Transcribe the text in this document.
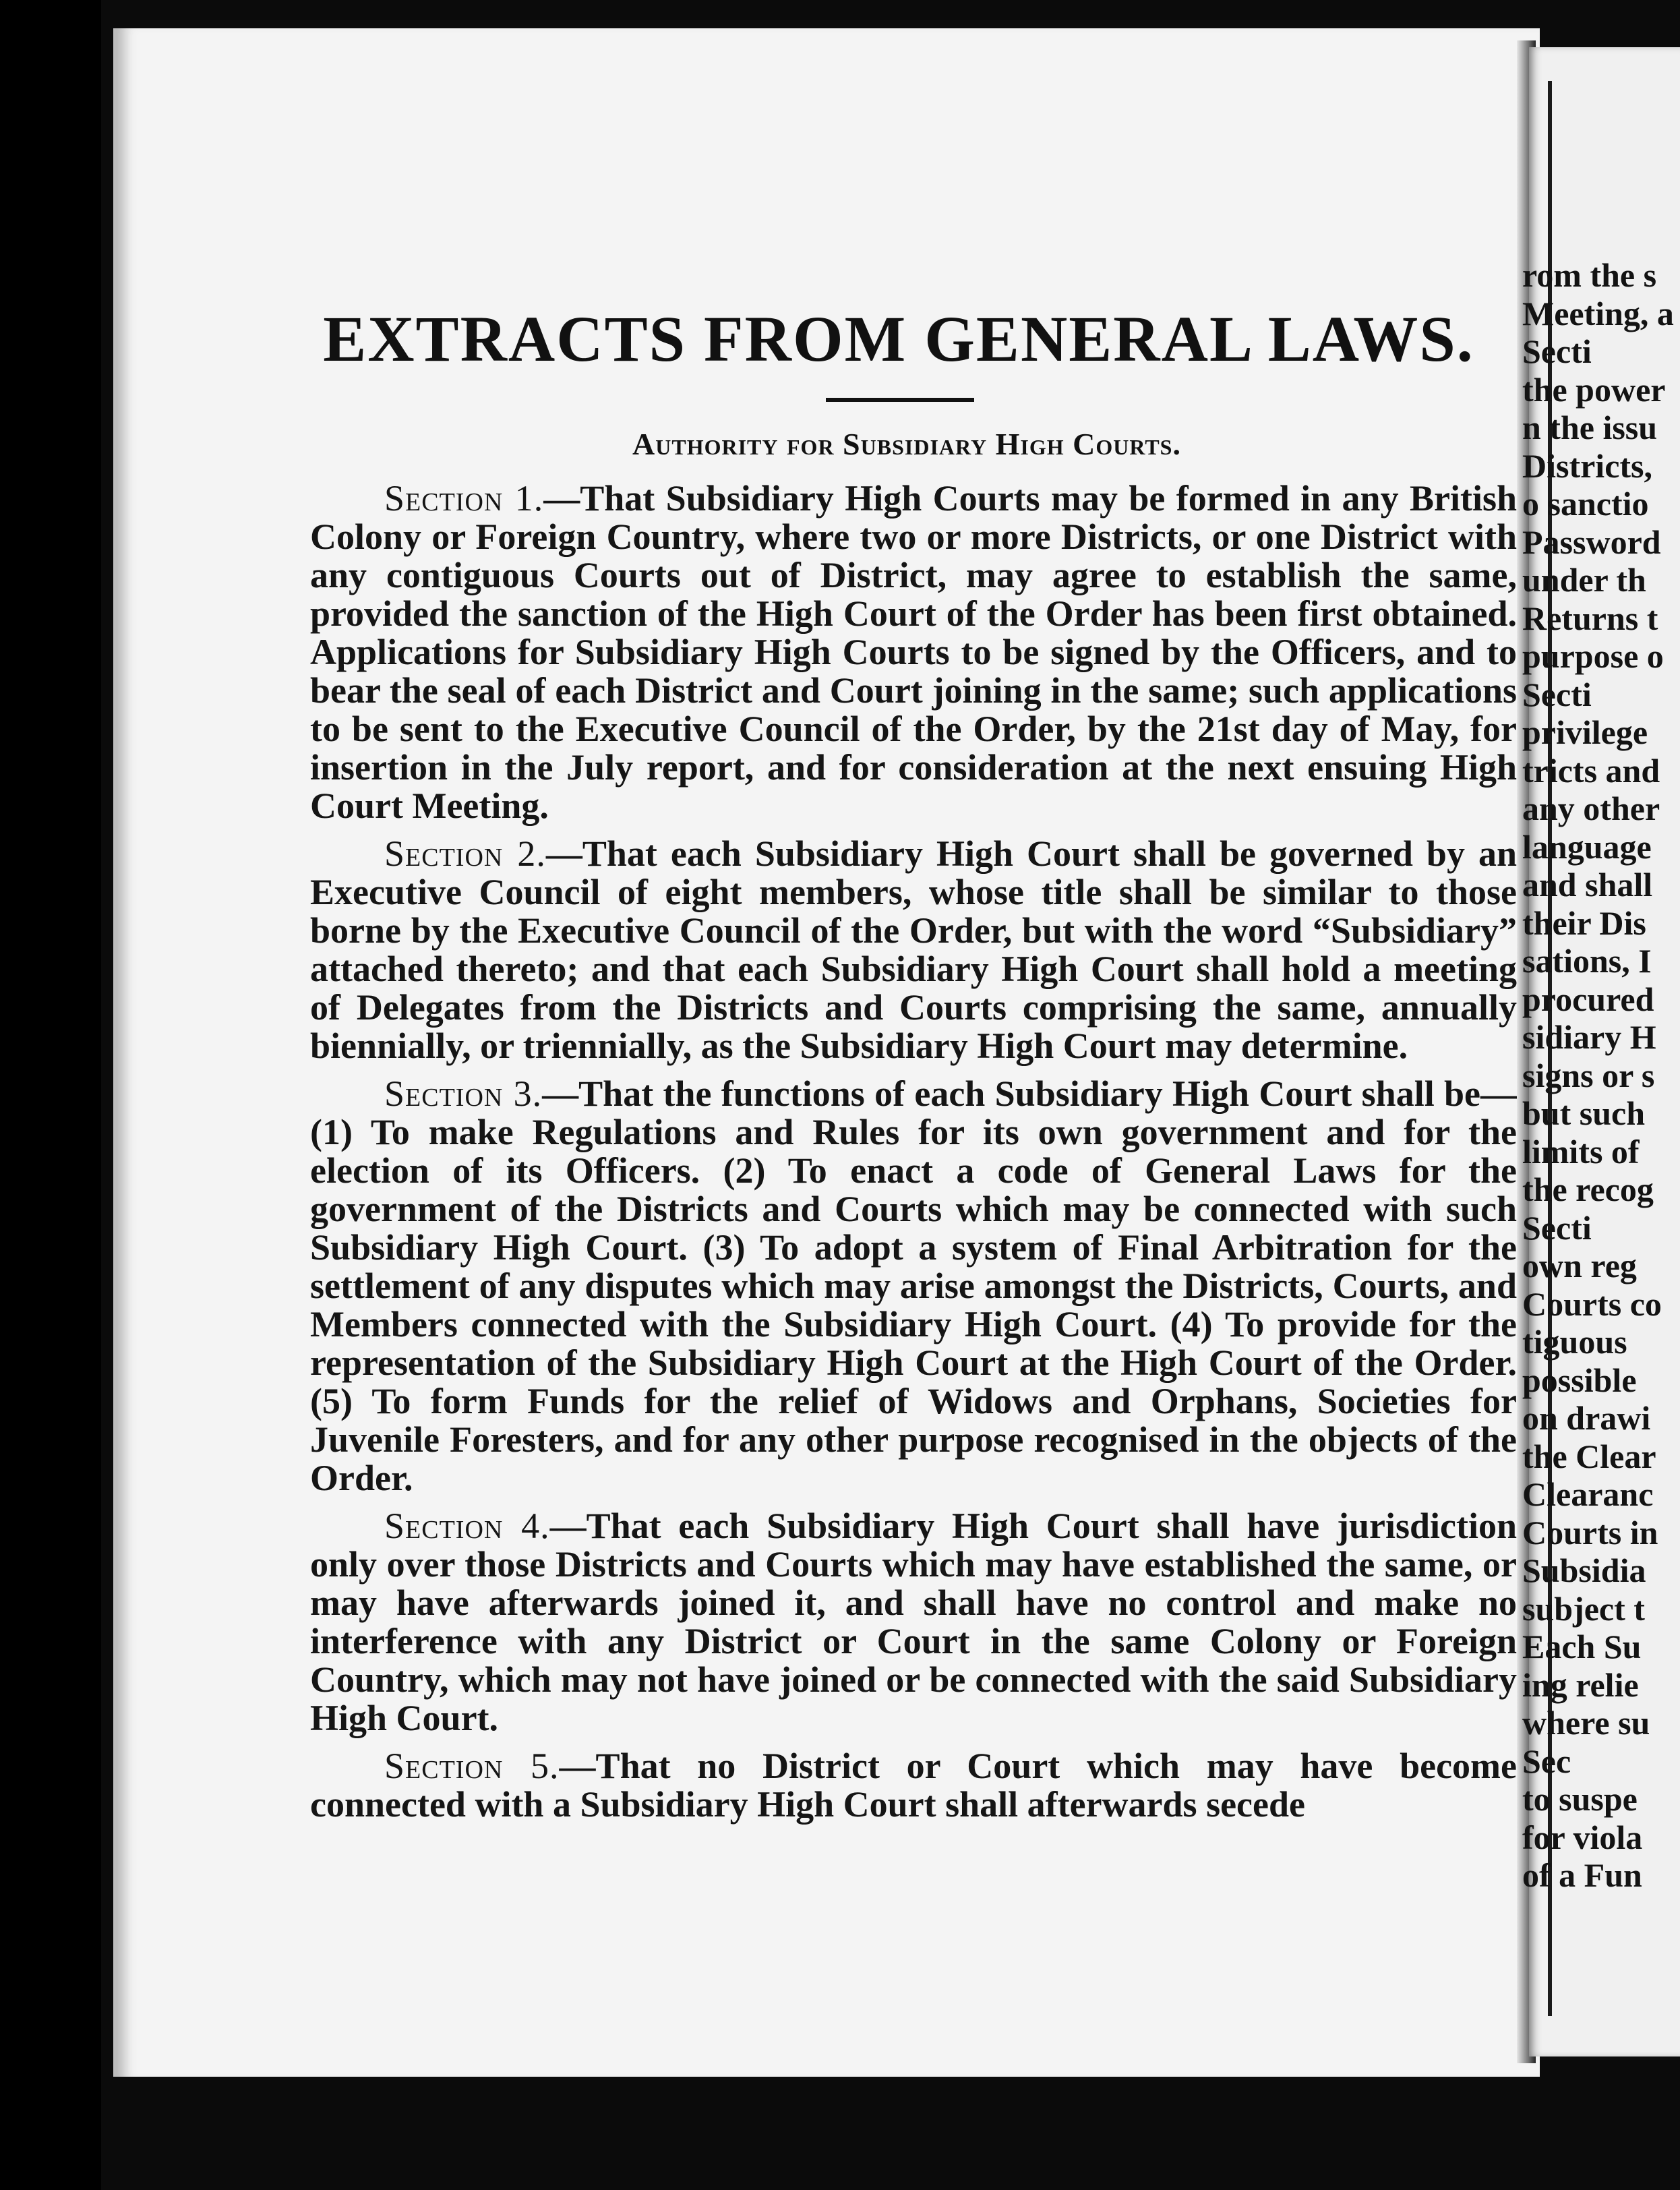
EXTRACTS FROM GENERAL LAWS.
Authority for Subsidiary High Courts.

Section 1.—That Subsidiary High Courts may be formed in any British Colony or Foreign Country, where two or more Districts, or one District with any contiguous Courts out of District, may agree to establish the same, provided the sanction of the High Court of the Order has been first obtained. Applications for Subsidiary High Courts to be signed by the Officers, and to bear the seal of each District and Court joining in the same; such applications to be sent to the Executive Council of the Order, by the 21st day of May, for insertion in the July report, and for consideration at the next ensuing High Court Meeting.

Section 2.—That each Subsidiary High Court shall be governed by an Executive Council of eight members, whose title shall be similar to those borne by the Executive Council of the Order, but with the word “Subsidiary” attached thereto; and that each Subsidiary High Court shall hold a meeting of Delegates from the Districts and Courts comprising the same, annually biennially, or triennially, as the Subsidiary High Court may determine.

Section 3.—That the functions of each Subsidiary High Court shall be—(1) To make Regulations and Rules for its own government and for the election of its Officers. (2) To enact a code of General Laws for the government of the Districts and Courts which may be connected with such Subsidiary High Court. (3) To adopt a system of Final Arbitration for the settlement of any disputes which may arise amongst the Districts, Courts, and Members connected with the Subsidiary High Court. (4) To provide for the representation of the Subsidiary High Court at the High Court of the Order. (5) To form Funds for the relief of Widows and Orphans, Societies for Juvenile Foresters, and for any other purpose recognised in the objects of the Order.

Section 4.—That each Subsidiary High Court shall have jurisdiction only over those Districts and Courts which may have established the same, or may have afterwards joined it, and shall have no control and make no interference with any District or Court in the same Colony or Foreign Country, which may not have joined or be connected with the said Subsidiary High Court.

Section 5.—That no District or Court which may have become connected with a Subsidiary High Court shall afterwards secede

rom the s
Meeting, a
Secti
the power
n the issu
Districts,
o sanctio
Password
under th
Returns t
purpose o
Secti
privilege
tricts and
any other
language
and shall
their Dis
sations, I
procured
sidiary H
signs or s
but such
limits of
the recog
Secti
own reg
Courts co
tiguous
possible
on drawi
the Clear
Clearanc
Courts in
Subsidia
subject t
Each Su
ing relie
where su
Sec
to suspe
for viola
of a Fun
